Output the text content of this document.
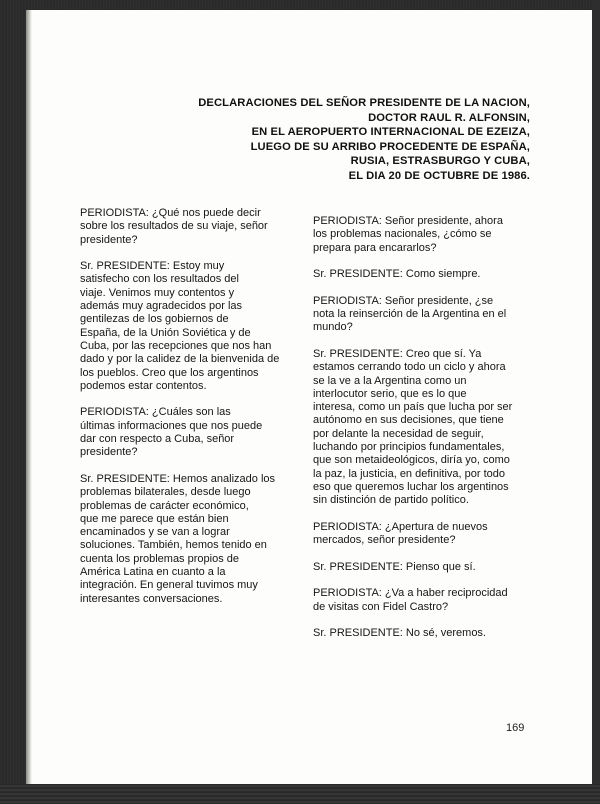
DECLARACIONES DEL SEÑOR PRESIDENTE DE LA NACION,
DOCTOR RAUL R. ALFONSIN,
EN EL AEROPUERTO INTERNACIONAL DE EZEIZA,
LUEGO DE SU ARRIBO PROCEDENTE DE ESPAÑA,
RUSIA, ESTRASBURGO Y CUBA,
EL DIA 20 DE OCTUBRE DE 1986.

PERIODISTA: ¿Qué nos puede decir
sobre los resultados de su viaje, señor
presidente?

Sr. PRESIDENTE: Estoy muy
satisfecho con los resultados del
viaje. Venimos muy contentos y
además muy agradecidos por las
gentilezas de los gobiernos de
España, de la Unión Soviética y de
Cuba, por las recepciones que nos han
dado y por la calidez de la bienvenida de
los pueblos. Creo que los argentinos
podemos estar contentos.

PERIODISTA: ¿Cuáles son las
últimas informaciones que nos puede
dar con respecto a Cuba, señor
presidente?

Sr. PRESIDENTE: Hemos analizado los
problemas bilaterales, desde luego
problemas de carácter económico,
que me parece que están bien
encaminados y se van a lograr
soluciones. También, hemos tenido en
cuenta los problemas propios de
América Latina en cuanto a la
integración. En general tuvimos muy
interesantes conversaciones.

PERIODISTA: Señor presidente, ahora
los problemas nacionales, ¿cómo se
prepara para encararlos?

Sr. PRESIDENTE: Como siempre.

PERIODISTA: Señor presidente, ¿se
nota la reinserción de la Argentina en el
mundo?

Sr. PRESIDENTE: Creo que sí. Ya
estamos cerrando todo un ciclo y ahora
se la ve a la Argentina como un
interlocutor serio, que es lo que
interesa, como un país que lucha por ser
autónomo en sus decisiones, que tiene
por delante la necesidad de seguir,
luchando por principios fundamentales,
que son metaideológicos, diría yo, como
la paz, la justicia, en definitiva, por todo
eso que queremos luchar los argentinos
sin distinción de partido político.

PERIODISTA: ¿Apertura de nuevos
mercados, señor presidente?

Sr. PRESIDENTE: Pienso que sí.

PERIODISTA: ¿Va a haber reciprocidad
de visitas con Fidel Castro?

Sr. PRESIDENTE: No sé, veremos.

169
